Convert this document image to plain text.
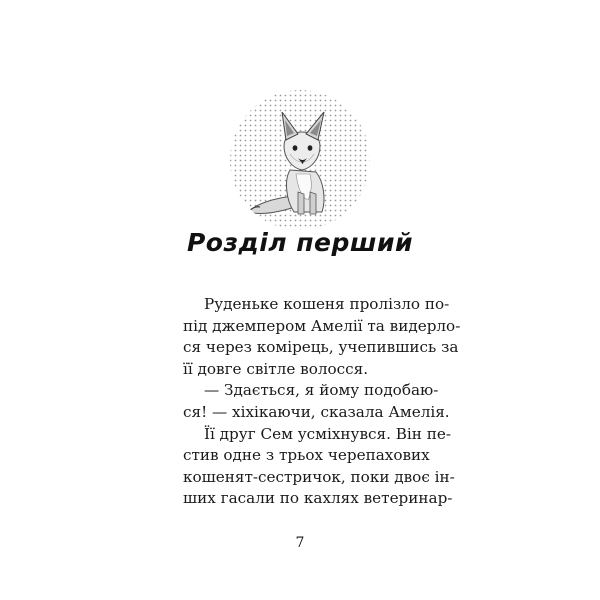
Розділ перший
Руденьке кошеня пролізло по-
під джемпером Амелії та видерло-
ся через комірець, учепившись за
її довге світле волосся.
— Здається, я йому подобаю-
ся! — хіхікаючи, сказала Амелія.
Її друг Сем усміхнувся. Він пе-
стив одне з трьох черепахових
кошенят-сестричок, поки двоє ін-
ших гасали по кахлях ветеринар-
7
